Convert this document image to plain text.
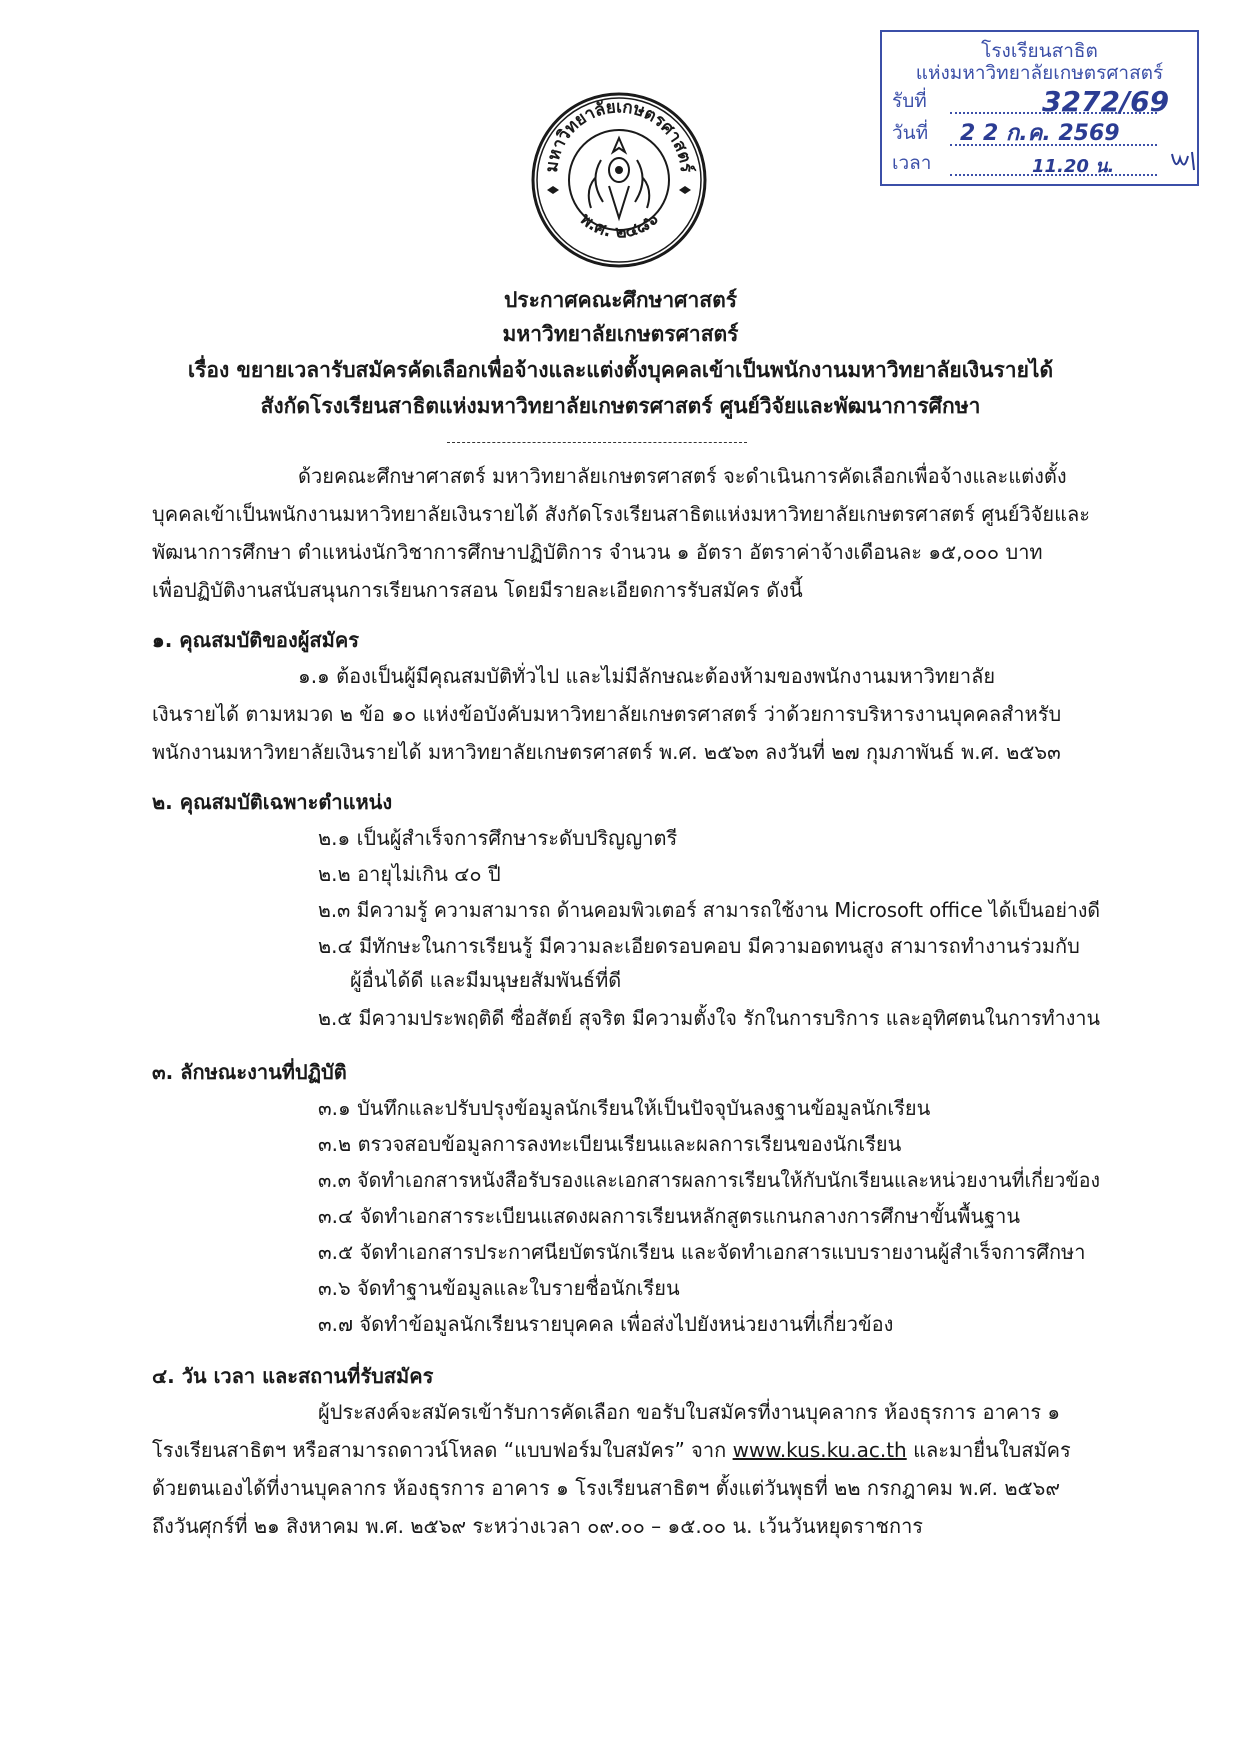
มหาวิทยาลัยเกษตรศาสตร์
พ.ศ. ๒๔๘๖
โรงเรียนสาธิต
แห่งมหาวิทยาลัยเกษตรศาสตร์
รับที่	3272/69
วันที่ 2 2 ก.ค. 2569
เวลา	11.20 น.
ประกาศคณะศึกษาศาสตร์
มหาวิทยาลัยเกษตรศาสตร์
เรื่อง ขยายเวลารับสมัครคัดเลือกเพื่อจ้างและแต่งตั้งบุคคลเข้าเป็นพนักงานมหาวิทยาลัยเงินรายได้
สังกัดโรงเรียนสาธิตแห่งมหาวิทยาลัยเกษตรศาสตร์ ศูนย์วิจัยและพัฒนาการศึกษา
ด้วยคณะศึกษาศาสตร์ มหาวิทยาลัยเกษตรศาสตร์ จะดำเนินการคัดเลือกเพื่อจ้างและแต่งตั้ง
บุคคลเข้าเป็นพนักงานมหาวิทยาลัยเงินรายได้ สังกัดโรงเรียนสาธิตแห่งมหาวิทยาลัยเกษตรศาสตร์ ศูนย์วิจัยและ
พัฒนาการศึกษา ตำแหน่งนักวิชาการศึกษาปฏิบัติการ จำนวน ๑ อัตรา อัตราค่าจ้างเดือนละ ๑๕,๐๐๐ บาท
เพื่อปฏิบัติงานสนับสนุนการเรียนการสอน โดยมีรายละเอียดการรับสมัคร ดังนี้
๑. คุณสมบัติของผู้สมัคร
๑.๑ ต้องเป็นผู้มีคุณสมบัติทั่วไป และไม่มีลักษณะต้องห้ามของพนักงานมหาวิทยาลัย
เงินรายได้ ตามหมวด ๒ ข้อ ๑๐ แห่งข้อบังคับมหาวิทยาลัยเกษตรศาสตร์ ว่าด้วยการบริหารงานบุคคลสำหรับ
พนักงานมหาวิทยาลัยเงินรายได้ มหาวิทยาลัยเกษตรศาสตร์ พ.ศ. ๒๕๖๓ ลงวันที่ ๒๗ กุมภาพันธ์ พ.ศ. ๒๕๖๓
๒. คุณสมบัติเฉพาะตำแหน่ง
๒.๑ เป็นผู้สำเร็จการศึกษาระดับปริญญาตรี
๒.๒ อายุไม่เกิน ๔๐ ปี
๒.๓ มีความรู้ ความสามารถ ด้านคอมพิวเตอร์ สามารถใช้งาน Microsoft office ได้เป็นอย่างดี
๒.๔ มีทักษะในการเรียนรู้ มีความละเอียดรอบคอบ มีความอดทนสูง สามารถทำงานร่วมกับ
ผู้อื่นได้ดี และมีมนุษยสัมพันธ์ที่ดี
๒.๕ มีความประพฤติดี ซื่อสัตย์ สุจริต มีความตั้งใจ รักในการบริการ และอุทิศตนในการทำงาน
๓. ลักษณะงานที่ปฏิบัติ
๓.๑ บันทึกและปรับปรุงข้อมูลนักเรียนให้เป็นปัจจุบันลงฐานข้อมูลนักเรียน
๓.๒ ตรวจสอบข้อมูลการลงทะเบียนเรียนและผลการเรียนของนักเรียน
๓.๓ จัดทำเอกสารหนังสือรับรองและเอกสารผลการเรียนให้กับนักเรียนและหน่วยงานที่เกี่ยวข้อง
๓.๔ จัดทำเอกสารระเบียนแสดงผลการเรียนหลักสูตรแกนกลางการศึกษาขั้นพื้นฐาน
๓.๕ จัดทำเอกสารประกาศนียบัตรนักเรียน และจัดทำเอกสารแบบรายงานผู้สำเร็จการศึกษา
๓.๖ จัดทำฐานข้อมูลและใบรายชื่อนักเรียน
๓.๗ จัดทำข้อมูลนักเรียนรายบุคคล เพื่อส่งไปยังหน่วยงานที่เกี่ยวข้อง
๔. วัน เวลา และสถานที่รับสมัคร
ผู้ประสงค์จะสมัครเข้ารับการคัดเลือก ขอรับใบสมัครที่งานบุคลากร ห้องธุรการ อาคาร ๑
โรงเรียนสาธิตฯ หรือสามารถดาวน์โหลด “แบบฟอร์มใบสมัคร” จาก www.kus.ku.ac.th และมายื่นใบสมัคร
ด้วยตนเองได้ที่งานบุคลากร ห้องธุรการ อาคาร ๑ โรงเรียนสาธิตฯ ตั้งแต่วันพุธที่ ๒๒ กรกฎาคม พ.ศ. ๒๕๖๙
ถึงวันศุกร์ที่ ๒๑ สิงหาคม พ.ศ. ๒๕๖๙ ระหว่างเวลา ๐๙.๐๐ – ๑๕.๐๐ น. เว้นวันหยุดราชการ
